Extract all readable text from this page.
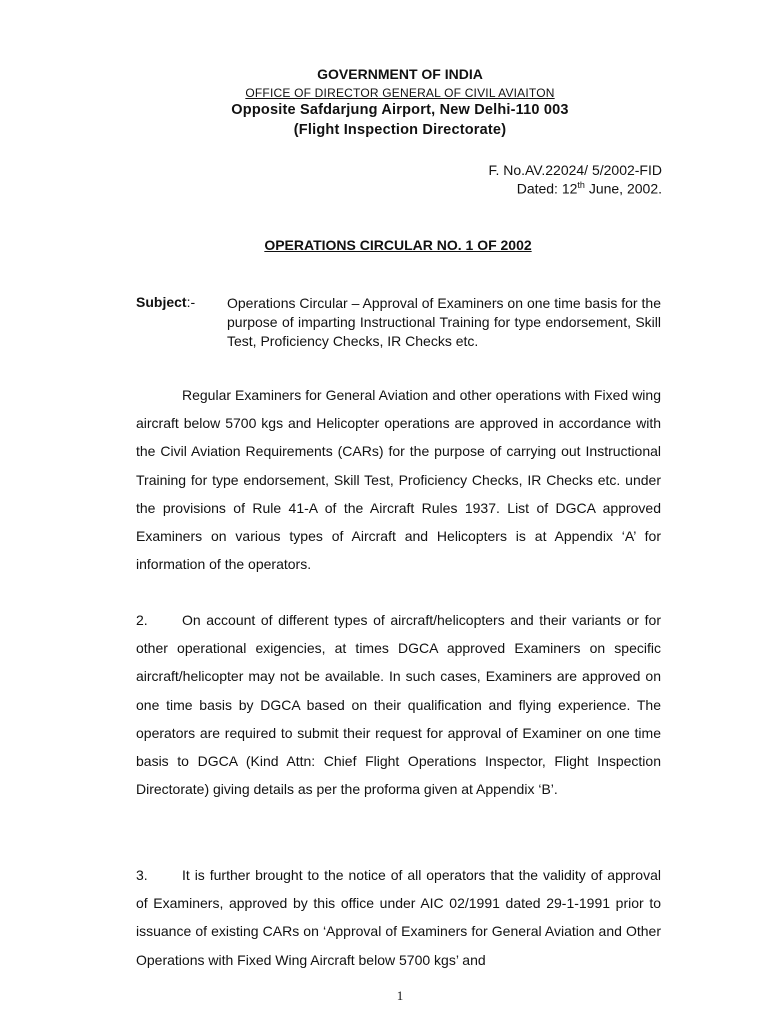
GOVERNMENT OF INDIA
OFFICE OF DIRECTOR GENERAL OF CIVIL AVIAITON
Opposite Safdarjung Airport, New Delhi-110 003
(Flight Inspection Directorate)
F. No.AV.22024/ 5/2002-FID
Dated: 12th June, 2002.
OPERATIONS CIRCULAR NO. 1 OF 2002
Subject:- Operations Circular – Approval of Examiners on one time basis for the purpose of imparting Instructional Training for type endorsement, Skill Test, Proficiency Checks, IR Checks etc.
Regular Examiners for General Aviation and other operations with Fixed wing aircraft below 5700 kgs and Helicopter operations are approved in accordance with the Civil Aviation Requirements (CARs) for the purpose of carrying out Instructional Training for type endorsement, Skill Test, Proficiency Checks, IR Checks etc. under the provisions of Rule 41-A of the Aircraft Rules 1937. List of DGCA approved Examiners on various types of Aircraft and Helicopters is at Appendix ‘A’ for information of the operators.
2. On account of different types of aircraft/helicopters and their variants or for other operational exigencies, at times DGCA approved Examiners on specific aircraft/helicopter may not be available. In such cases, Examiners are approved on one time basis by DGCA based on their qualification and flying experience. The operators are required to submit their request for approval of Examiner on one time basis to DGCA (Kind Attn: Chief Flight Operations Inspector, Flight Inspection Directorate) giving details as per the proforma given at Appendix ‘B’.
3. It is further brought to the notice of all operators that the validity of approval of Examiners, approved by this office under AIC 02/1991 dated 29-1-1991 prior to issuance of existing CARs on ‘Approval of Examiners for General Aviation and Other Operations with Fixed Wing Aircraft below 5700 kgs’ and
1
